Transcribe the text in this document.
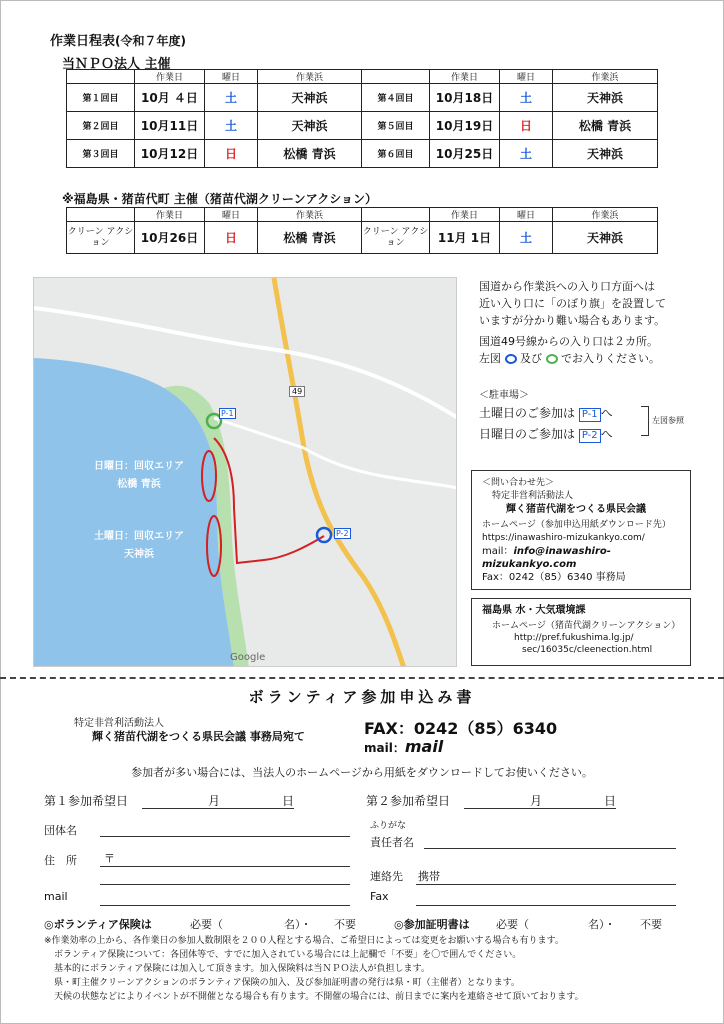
作業日程表(令和７年度)
当ＮＰＯ法人 主催
	作業日	曜日	作業浜		作業日	曜日	作業浜
第１回目	10月 ４日	土	天神浜	第４回目	10月18日	土	天神浜
第２回目	10月11日	土	天神浜	第５回目	10月19日	日	松橋 青浜
第３回目	10月12日	日	松橋 青浜	第６回目	10月25日	土	天神浜
※福島県・猪苗代町 主催（猪苗代湖クリーンアクション）
	作業日	曜日	作業浜		作業日	曜日	作業浜
クリーン アクション	10月26日	日	松橋 青浜	クリーン アクション	11月 1日	土	天神浜
日曜日：回収エリア
松橋 青浜
土曜日：回収エリア
天神浜
P-1
P-2
49
Google
国道から作業浜への入り口方面へは
近い入り口に「のぼり旗」を設置して
いますが分かり難い場合もあります。
国道49号線からの入り口は２カ所。
左図 及び でお入りください。
＜駐車場＞
土曜日のご参加は P-1 へ
日曜日のご参加は P-2 へ
左図参照
＜問い合わせ先＞
特定非営利活動法人
輝く猪苗代湖をつくる県民会議
ホームページ（参加申込用紙ダウンロード先）
https://inawashiro-mizukankyo.com/
mail：info@inawashiro-mizukankyo.com
Fax：0242（85）6340 事務局
福島県 水・大気環境課
ホームページ（猪苗代湖クリーンアクション）
http://pref.fukushima.lg.jp/
sec/16035c/cleenection.html
ボランティア参加申込み書
特定非営利活動法人
輝く猪苗代湖をつくる県民会議 事務局宛て	FAX：0242（85）6340
mail：mail
参加者が多い場合には、当法人のホームページから用紙をダウンロードしてお使いください。
第１参加希望日	月	日	第２参加希望日	月	日
団体名	ふりがな
責任者名
住　所 〒
連絡先 携帯
mail	Fax
◎ボランティア保険は	必要（	名）・ 不要	◎参加証明書は 必要（	名）・ 不要
※作業効率の上から、各作業日の参加人数制限を２００人程とする場合、ご希望日によっては変更をお願いする場合も有ります。
ボランティア保険について：各団体等で、すでに加入されている場合には上記欄で「不要」を〇で囲んでください。
基本的にボランティア保険には加入して頂きます。加入保険料は当ＮＰＯ法人が負担します。
県・町主催クリーンアクションのボランティア保険の加入、及び参加証明書の発行は県・町（主催者）となります。
天候の状態などによりイベントが不開催となる場合も有ります。不開催の場合には、前日までに案内を連絡させて頂いております。
